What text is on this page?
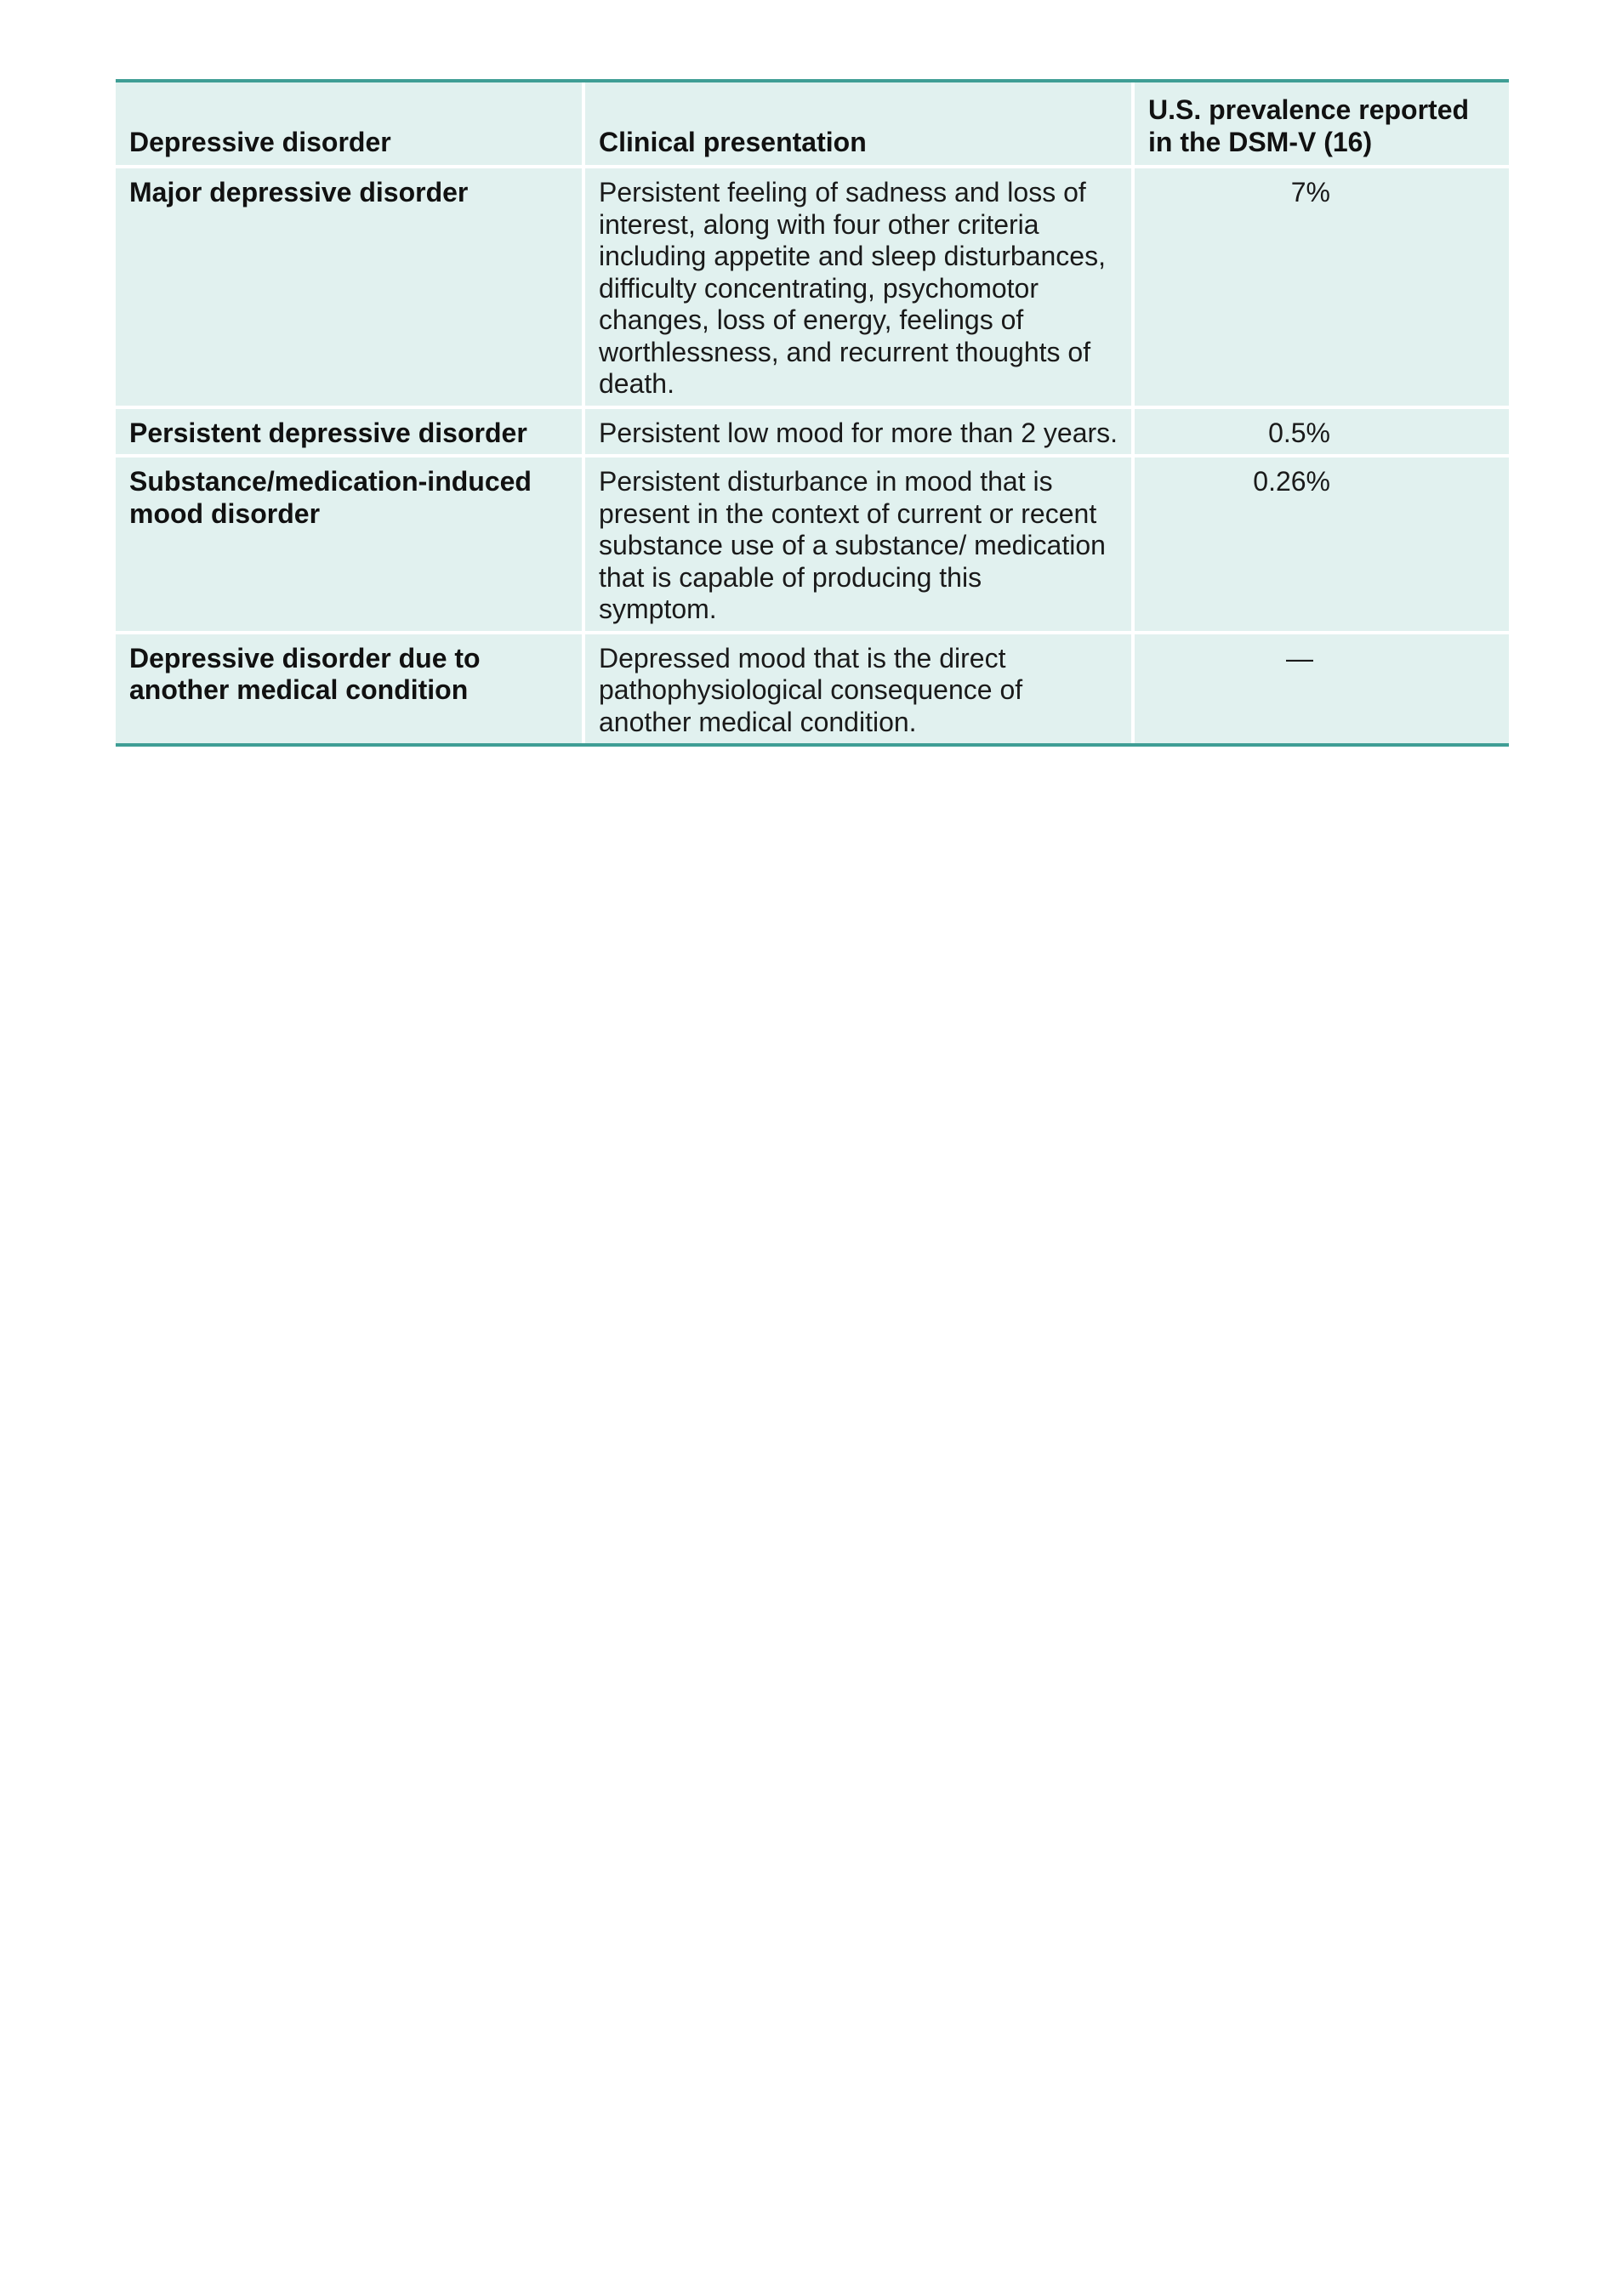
Depressive disorder	Clinical presentation	U.S. prevalence reported in the DSM-V (16)
Major depressive disorder	Persistent feeling of sadness and loss of interest, along with four other criteria including appetite and sleep disturbances, difficulty concentrating, psychomotor changes, loss of energy, feelings of worthlessness, and recurrent thoughts of death.	7%
Persistent depressive disorder	Persistent low mood for more than 2 years.	0.5%
Substance/medication-induced mood disorder	Persistent disturbance in mood that is present in the context of current or recent substance use of a substance/ medication that is capable of producing this symptom.	0.26%
Depressive disorder due to another medical condition	Depressed mood that is the direct pathophysiological consequence of another medical condition.	—
